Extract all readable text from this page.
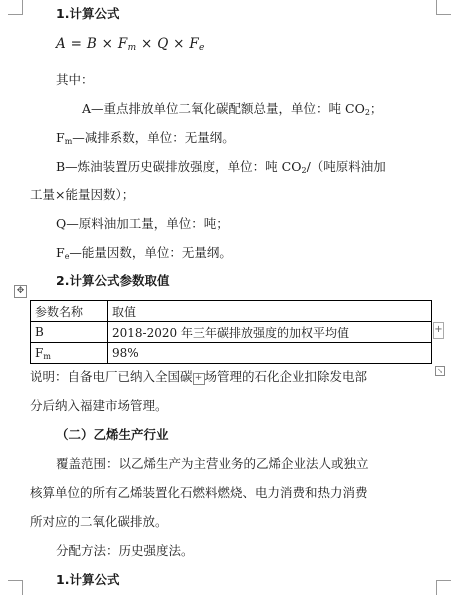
1.计算公式
$A = B \times F_m \times Q \times F_e$
其中：
A—重点排放单位二氧化碳配额总量，单位：吨 $CO_2$；
$F_m—$减排系数，单位：无量纲。
B—炼油装置历史碳排放强度，单位：吨 $CO_2/$（吨原料油加
工量×能量因数）；
Q—原料油加工量，单位：吨；
$F_e—$能量因数，单位：无量纲。
2.计算公式参数取值
✥
参数名称	取值
B	2018-2020 年三年碳排放强度的加权平均值
$F_m$	98%
+
说明：自备电厂已纳入全国碳 + 场管理的石化企业扣除发电部	↘
分后纳入福建市场管理。
（二）乙烯生产行业
覆盖范围：以乙烯生产为主营业务的乙烯企业法人或独立
核算单位的所有乙烯装置化石燃料燃烧、电力消费和热力消费
所对应的二氧化碳排放。
分配方法：历史强度法。
1.计算公式
